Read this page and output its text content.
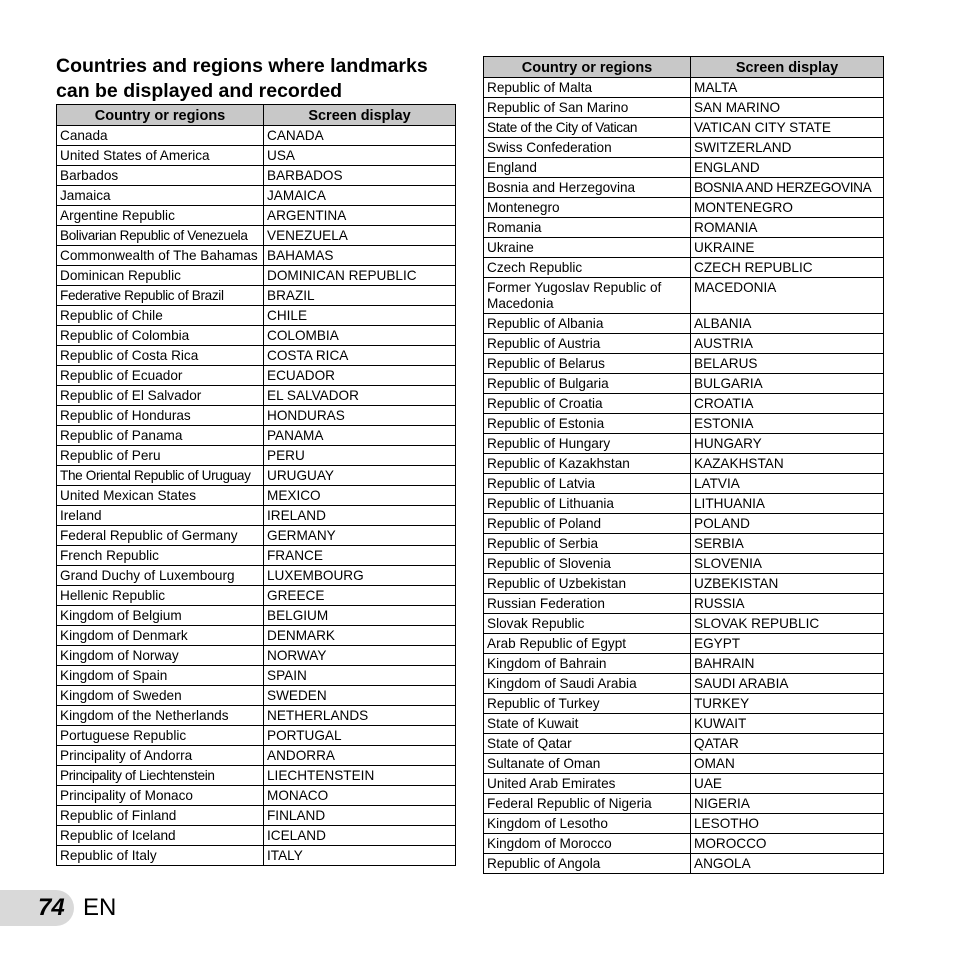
Countries and regions where landmarks can be displayed and recorded
Country or regions	Screen display
Canada	CANADA
United States of America	USA
Barbados	BARBADOS
Jamaica	JAMAICA
Argentine Republic	ARGENTINA
Bolivarian Republic of Venezuela	VENEZUELA
Commonwealth of The Bahamas	BAHAMAS
Dominican Republic	DOMINICAN REPUBLIC
Federative Republic of Brazil	BRAZIL
Republic of Chile	CHILE
Republic of Colombia	COLOMBIA
Republic of Costa Rica	COSTA RICA
Republic of Ecuador	ECUADOR
Republic of El Salvador	EL SALVADOR
Republic of Honduras	HONDURAS
Republic of Panama	PANAMA
Republic of Peru	PERU
The Oriental Republic of Uruguay	URUGUAY
United Mexican States	MEXICO
Ireland	IRELAND
Federal Republic of Germany	GERMANY
French Republic	FRANCE
Grand Duchy of Luxembourg	LUXEMBOURG
Hellenic Republic	GREECE
Kingdom of Belgium	BELGIUM
Kingdom of Denmark	DENMARK
Kingdom of Norway	NORWAY
Kingdom of Spain	SPAIN
Kingdom of Sweden	SWEDEN
Kingdom of the Netherlands	NETHERLANDS
Portuguese Republic	PORTUGAL
Principality of Andorra	ANDORRA
Principality of Liechtenstein	LIECHTENSTEIN
Principality of Monaco	MONACO
Republic of Finland	FINLAND
Republic of Iceland	ICELAND
Republic of Italy	ITALY
Country or regions	Screen display
Republic of Malta	MALTA
Republic of San Marino	SAN MARINO
State of the City of Vatican	VATICAN CITY STATE
Swiss Confederation	SWITZERLAND
England	ENGLAND
Bosnia and Herzegovina	BOSNIA AND HERZEGOVINA
Montenegro	MONTENEGRO
Romania	ROMANIA
Ukraine	UKRAINE
Czech Republic	CZECH REPUBLIC
Former Yugoslav Republic of Macedonia	MACEDONIA
Republic of Albania	ALBANIA
Republic of Austria	AUSTRIA
Republic of Belarus	BELARUS
Republic of Bulgaria	BULGARIA
Republic of Croatia	CROATIA
Republic of Estonia	ESTONIA
Republic of Hungary	HUNGARY
Republic of Kazakhstan	KAZAKHSTAN
Republic of Latvia	LATVIA
Republic of Lithuania	LITHUANIA
Republic of Poland	POLAND
Republic of Serbia	SERBIA
Republic of Slovenia	SLOVENIA
Republic of Uzbekistan	UZBEKISTAN
Russian Federation	RUSSIA
Slovak Republic	SLOVAK REPUBLIC
Arab Republic of Egypt	EGYPT
Kingdom of Bahrain	BAHRAIN
Kingdom of Saudi Arabia	SAUDI ARABIA
Republic of Turkey	TURKEY
State of Kuwait	KUWAIT
State of Qatar	QATAR
Sultanate of Oman	OMAN
United Arab Emirates	UAE
Federal Republic of Nigeria	NIGERIA
Kingdom of Lesotho	LESOTHO
Kingdom of Morocco	MOROCCO
Republic of Angola	ANGOLA
74 EN
